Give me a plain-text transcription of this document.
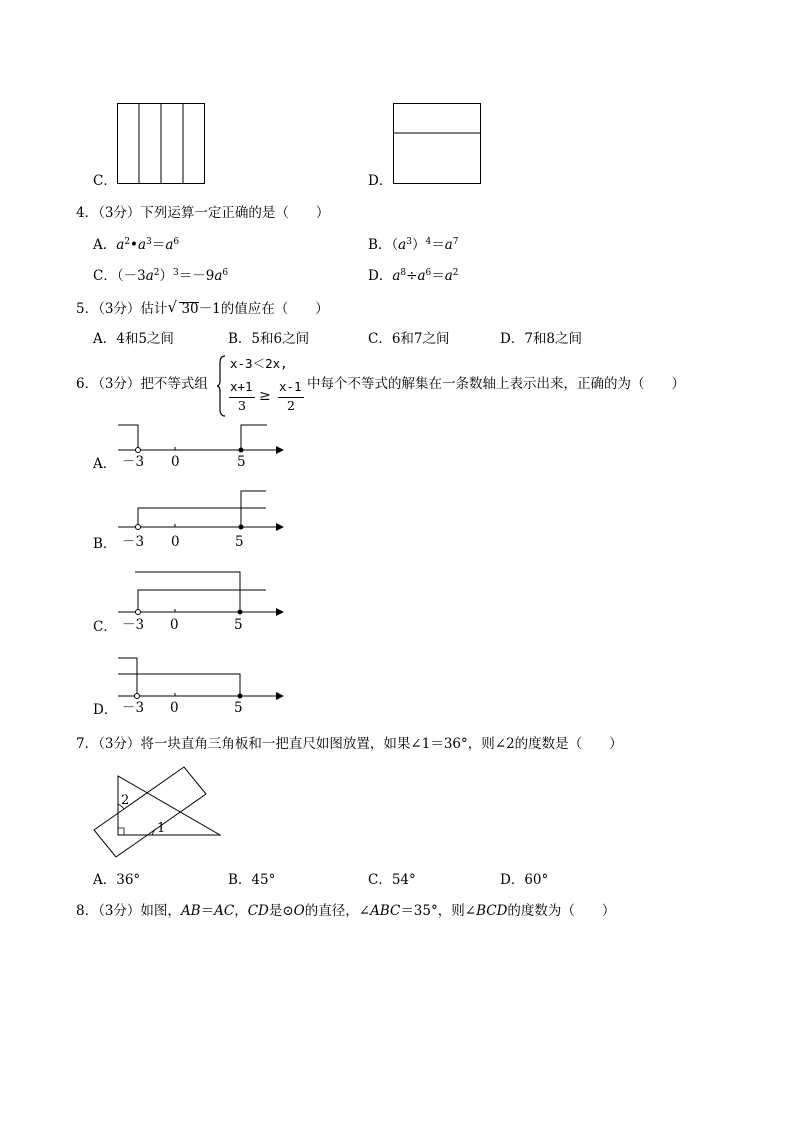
C．	D．
4．（3分）下列运算一定正确的是（　　）
A．$a^2•a^3=a^6$	B．$(a^3)^4=a^7$
C．$(-3a^2)^3=-9a^6$	D．$a^8\div a^6=a^2$
5．（3分）估计 √ 30－1的值应在（　　）
A．4和5之间	B．5和6之间	C．6和7之间	D．7和8之间
6．（3分）把不等式组
x-3＜2x,
x+1
3
≥
x-1
2
中每个不等式的解集在一条数轴上表示出来，正确的为（　　）
A． －3 0	5
B． －3 0	5
C． －3 0	5
D． －3 0	5
7．（3分）将一块直角三角板和一把直尺如图放置，如果∠1＝36°，则∠2的度数是（　　）
2
1
A．36°	B．45°	C．54°	D．60°
8．（3分）如图，AB＝AC，CD是⊙O的直径，∠ABC＝35°，则∠BCD的度数为（　　）
